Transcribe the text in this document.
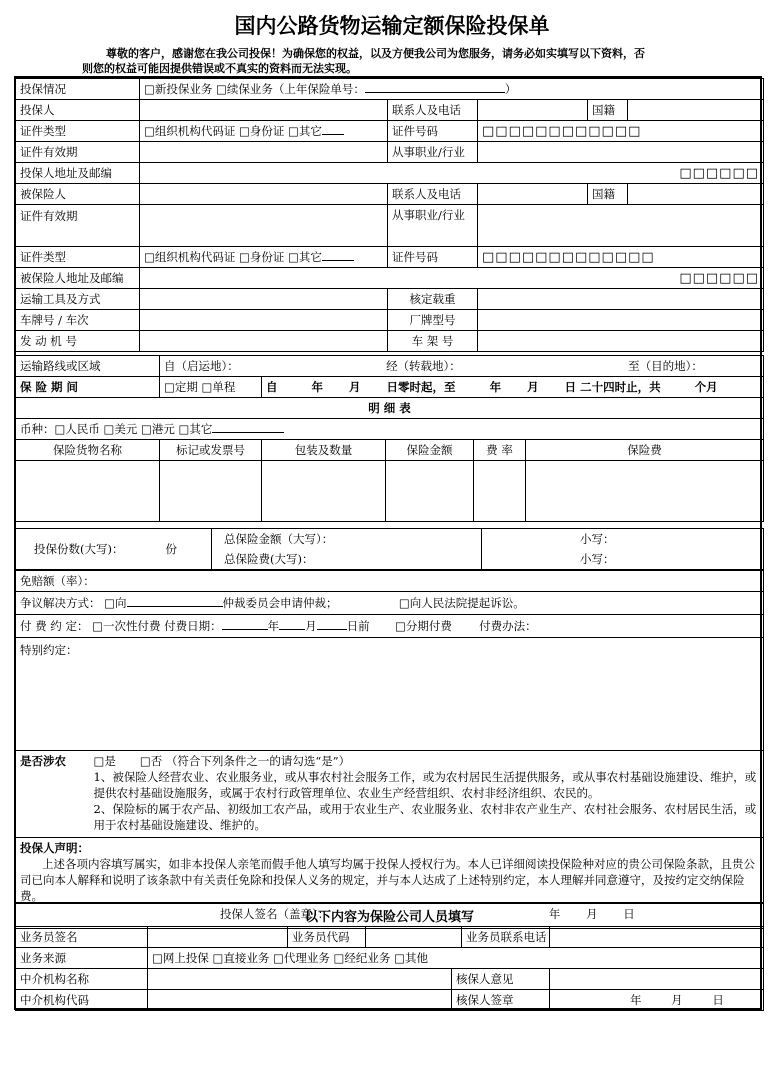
国内公路货物运输定额保险投保单
尊敬的客户，感谢您在我公司投保！为确保您的权益，以及方便我公司为您服务，请务必如实填写以下资料，否
则您的权益可能因提供错误或不真实的资料而无法实现。
投保情况	□新投保业务 □续保业务（上年保险单号： ）				
投保人		联系人及电话		国籍	
证件类型	□组织机构代码证 □身份证 □其它	证件号码	□□□□□□□□□□□□		
证件有效期		从事职业/行业			
投保人地址及邮编	□□□□□□				
被保险人		联系人及电话		国籍	
证件有效期		从事职业/行业			
证件类型	□组织机构代码证 □身份证 □其它	证件号码	□□□□□□□□□□□□□		
被保险人地址及邮编	□□□□□□				
运输工具及方式		核定载重			
车牌号 / 车次		厂牌型号			
发 动 机 号		车 架 号			
运输路线或区域	自（启运地）： 经（转载地）： 至（目的地）：				
保 险 期 间	□定期 □单程	自 年 月 日零时起，至 年 月 日 二十四时止，共 个月			
明 细 表					
币种：□人民币 □美元 □港元 □其它					
保险货物名称	标记或发票号	包装及数量	保险金额	费 率	保险费

投保份数(大写)： 份	总保险金额（大写）：	小写：
	总保险费(大写)：	小写：
免赔额（率）：
争议解决方式： □向	仲裁委员会申请仲裁；	□向人民法院提起诉讼。
付 费 约 定： □一次性付费 付费日期：	年 月	日前 □分期付费 付费办法：
特别约定：
是否涉农	□是 □否 （符合下列条件之一的请勾选“是”）
1、被保险人经营农业、农业服务业，或从事农村社会服务工作，或为农村居民生活提供服务，或从事农村基础设施建设、维护，或提供农村基础设施服务，或属于农村行政管理单位、农业生产经营组织、农村非经济组织、农民的。
2、保险标的属于农产品、初级加工农产品，或用于农业生产、农业服务业、农村非农产业生产、农村社会服务、农村居民生活，或用于农村基础设施建设、维护的。

投保人声明：
上述各项内容填写属实，如非本投保人亲笔而假手他人填写均属于投保人授权行为。本人已详细阅读投保险种对应的贵公司保险条款，且贵公司已向本人解释和说明了该条款中有关责任免除和投保人义务的规定，并与本人达成了上述特别约定，本人理解并同意遵守，及按约定交纳保险费。
投保人签名（盖章）：	年 月 日
以下内容为保险公司人员填写						
业务员签名		业务员代码			业务员联系电话	
业务来源	□网上投保 □直接业务 □代理业务 □经纪业务 □其他					
中介机构名称				核保人意见		
中介机构代码				核保人签章		年 月 日
